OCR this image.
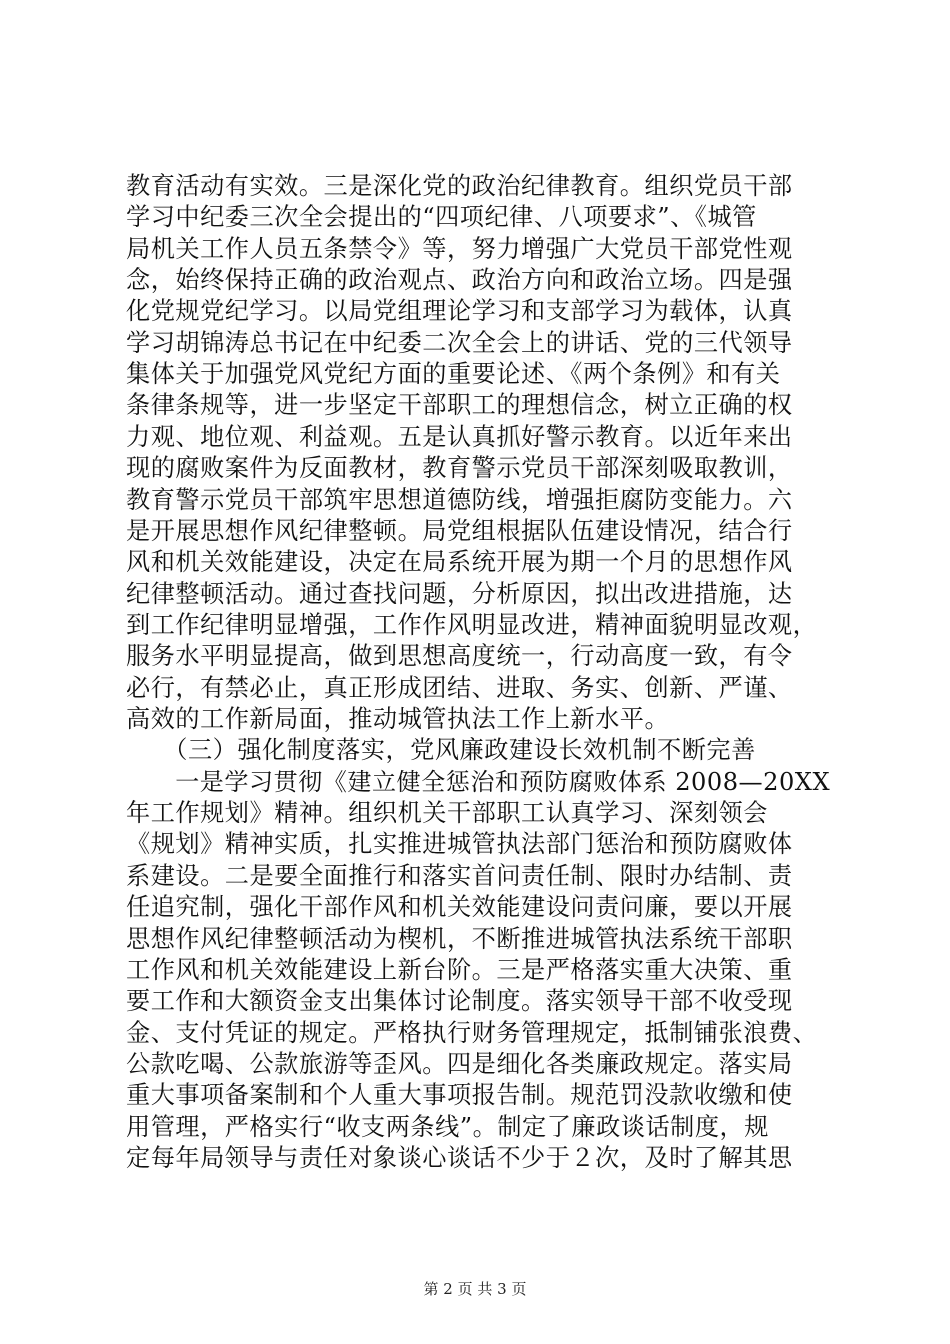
教育活动有实效。三是深化党的政治纪律教育。组织党员干部
学习中纪委三次全会提出的“四项纪律、八项要求”、《城管
局机关工作人员五条禁令》等，努力增强广大党员干部党性观
念，始终保持正确的政治观点、政治方向和政治立场。四是强
化党规党纪学习。以局党组理论学习和支部学习为载体，认真
学习胡锦涛总书记在中纪委二次全会上的讲话、党的三代领导
集体关于加强党风党纪方面的重要论述、《两个条例》和有关
条律条规等，进一步坚定干部职工的理想信念，树立正确的权
力观、地位观、利益观。五是认真抓好警示教育。以近年来出
现的腐败案件为反面教材，教育警示党员干部深刻吸取教训，
教育警示党员干部筑牢思想道德防线，增强拒腐防变能力。六
是开展思想作风纪律整顿。局党组根据队伍建设情况，结合行
风和机关效能建设，决定在局系统开展为期一个月的思想作风
纪律整顿活动。通过查找问题，分析原因，拟出改进措施，达
到工作纪律明显增强，工作作风明显改进，精神面貌明显改观，
服务水平明显提高，做到思想高度统一，行动高度一致，有令
必行，有禁必止，真正形成团结、进取、务实、创新、严谨、
高效的工作新局面，推动城管执法工作上新水平。
　　（三）强化制度落实，党风廉政建设长效机制不断完善
　　一是学习贯彻《建立健全惩治和预防腐败体系 2008—20XX
年工作规划》精神。组织机关干部职工认真学习、深刻领会
《规划》精神实质，扎实推进城管执法部门惩治和预防腐败体
系建设。二是要全面推行和落实首问责任制、限时办结制、责
任追究制，强化干部作风和机关效能建设问责问廉，要以开展
思想作风纪律整顿活动为楔机，不断推进城管执法系统干部职
工作风和机关效能建设上新台阶。三是严格落实重大决策、重
要工作和大额资金支出集体讨论制度。落实领导干部不收受现
金、支付凭证的规定。严格执行财务管理规定，抵制铺张浪费、
公款吃喝、公款旅游等歪风。四是细化各类廉政规定。落实局
重大事项备案制和个人重大事项报告制。规范罚没款收缴和使
用管理，严格实行“收支两条线”。制定了廉政谈话制度，规
定每年局领导与责任对象谈心谈话不少于２次，及时了解其思
第 2 页 共 3 页
